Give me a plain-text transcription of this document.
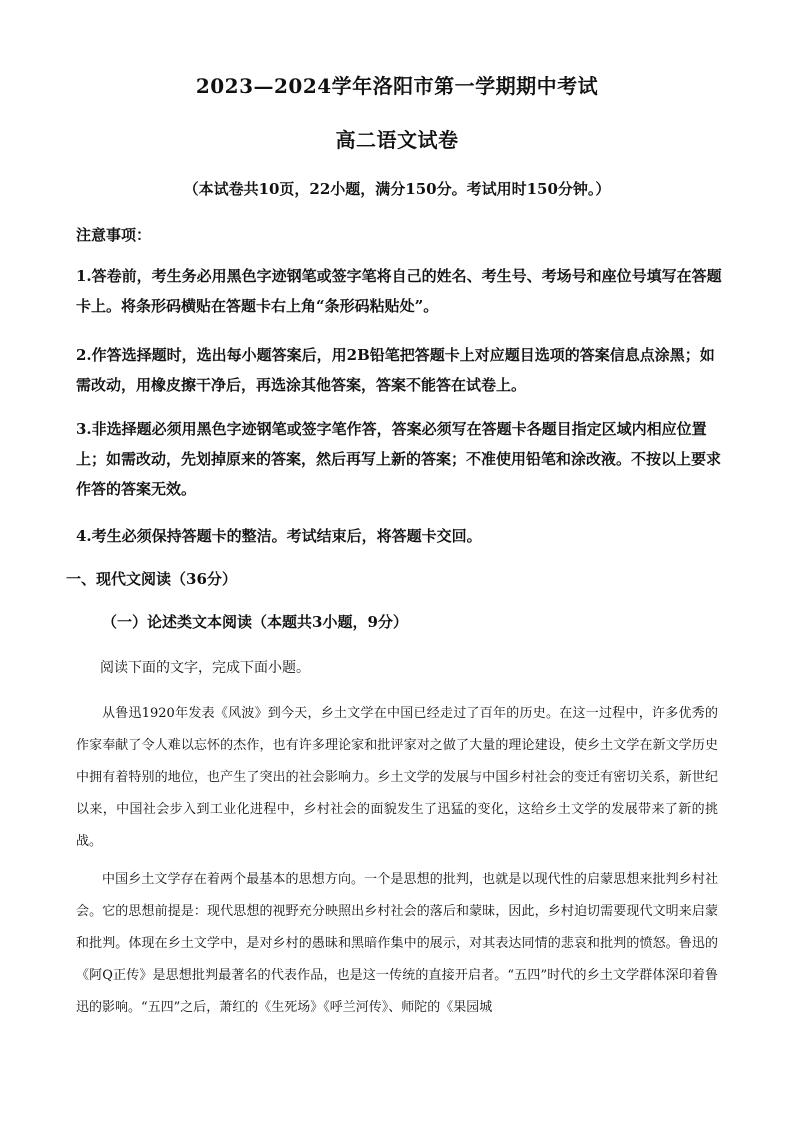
2023—2024学年洛阳市第一学期期中考试
高二语文试卷
（本试卷共10页，22小题，满分150分。考试用时150分钟。）
注意事项：

1.答卷前，考生务必用黑色字迹钢笔或签字笔将自己的姓名、考生号、考场号和座位号填写在答题卡上。将条形码横贴在答题卡右上角“条形码粘贴处”。

2.作答选择题时，选出每小题答案后，用2B铅笔把答题卡上对应题目选项的答案信息点涂黑；如需改动，用橡皮擦干净后，再选涂其他答案，答案不能答在试卷上。

3.非选择题必须用黑色字迹钢笔或签字笔作答，答案必须写在答题卡各题目指定区域内相应位置上；如需改动，先划掉原来的答案，然后再写上新的答案；不准使用铅笔和涂改液。不按以上要求作答的答案无效。

4.考生必须保持答题卡的整洁。考试结束后，将答题卡交回。

一、现代文阅读（36分）
（一）论述类文本阅读（本题共3小题，9分）
阅读下面的文字，完成下面小题。

从鲁迅1920年发表《风波》到今天，乡土文学在中国已经走过了百年的历史。在这一过程中，许多优秀的作家奉献了令人难以忘怀的杰作，也有许多理论家和批评家对之做了大量的理论建设，使乡土文学在新文学历史中拥有着特别的地位，也产生了突出的社会影响力。乡土文学的发展与中国乡村社会的变迁有密切关系，新世纪以来，中国社会步入到工业化进程中，乡村社会的面貌发生了迅猛的变化，这给乡土文学的发展带来了新的挑战。

中国乡土文学存在着两个最基本的思想方向。一个是思想的批判，也就是以现代性的启蒙思想来批判乡村社会。它的思想前提是：现代思想的视野充分映照出乡村社会的落后和蒙昧，因此，乡村迫切需要现代文明来启蒙和批判。体现在乡土文学中，是对乡村的愚昧和黑暗作集中的展示，对其表达同情的悲哀和批判的愤怒。鲁迅的《阿Q正传》是思想批判最著名的代表作品，也是这一传统的直接开启者。“五四”时代的乡土文学群体深印着鲁迅的影响。“五四”之后，萧红的《生死场》《呼兰河传》、师陀的《果园城
